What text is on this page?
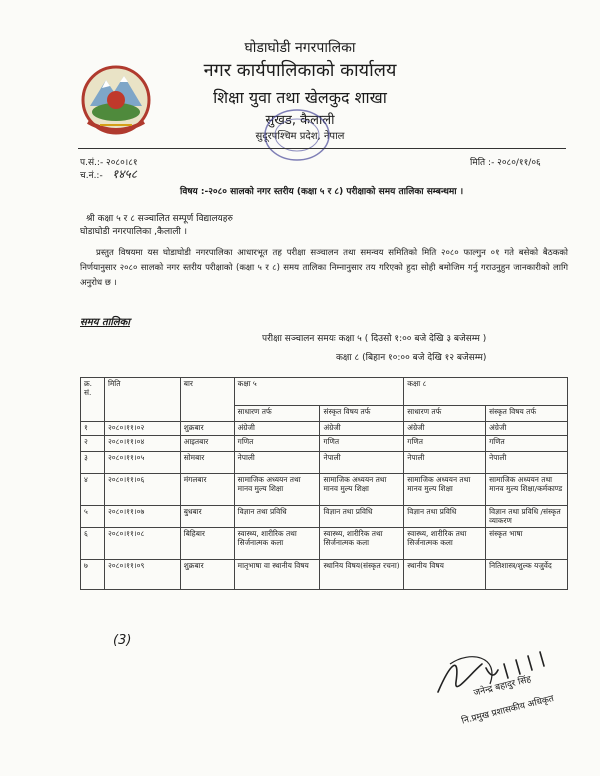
घोडाघोडी नगरपालिका
नगर कार्यपालिकाको कार्यालय
शिक्षा युवा तथा खेलकुद शाखा
सुखड, कैलाली
सुदूरपश्चिम प्रदेश, नेपाल
प.सं.:- २०८०।८१
च.नं.:- १४५८
मिति :- २०८०/११/०६
विषय :-२०८० सालको नगर स्तरीय (कक्षा ५ र ८) परीक्षाको समय तालिका सम्बन्धमा ।
श्री कक्षा ५ र ८ सञ्चालित सम्पूर्ण विद्यालयहरु
घोडाघोडी नगरपालिका ,कैलाली ।
प्रस्तुत विषयमा यस घोडाघोडी नगरपालिका आधारभूत तह परीक्षा सञ्चालन तथा समन्वय समितिको मिति २०८० फाल्गुन ०१ गते बसेको बैठकको निर्णयानुसार २०८० सालको नगर स्तरीय परीक्षाको (कक्षा ५ र ८) समय तालिका निम्नानुसार तय गरिएको हुदा सोही बमोजिम गर्नु गराउनुहुन जानकारीको लागि अनुरोध छ ।
समय तालिका
परीक्षा सञ्चालन समयः कक्षा ५ ( दिउसो १:०० बजे देखि ३ बजेसम्म )
कक्षा ८ (बिहान १०:०० बजे देखि १२ बजेसम्म)
क्र. सं.	मिति	बार	कक्षा ५		कक्षा ८	
			साधारण तर्फ	संस्कृत विषय तर्फ	साधारण तर्फ	संस्कृत विषय तर्फ
१	२०८०।११।०२	शुक्रबार	अंग्रेजी	अंग्रेजी	अंग्रेजी	अंग्रेजी
२	२०८०।११।०४	आइतबार	गणित	गणित	गणित	गणित
३	२०८०।११।०५	सोमबार	नेपाली	नेपाली	नेपाली	नेपाली
४	२०८०।११।०६	मंगलबार	सामाजिक अध्ययन तथा मानव मुल्य शिक्षा	सामाजिक अध्ययन तथा मानव मुल्य शिक्षा	सामाजिक अध्ययन तथा मानव मुल्य शिक्षा	सामाजिक अध्ययन तथा मानव मुल्य शिक्षा/कर्मकाण्ड
५	२०८०।११।०७	बुधबार	विज्ञान तथा प्रविधि	विज्ञान तथा प्रविधि	विज्ञान तथा प्रविधि	विज्ञान तथा प्रविधि /संस्कृत व्याकरण
६	२०८०।११।०८	बिहिबार	स्वास्थ्य, शारीरिक तथा सिर्जनात्मक कला	स्वास्थ्य, शारीरिक तथा सिर्जनात्मक कला	स्वास्थ्य, शारीरिक तथा सिर्जनात्मक कला	संस्कृत भाषा
७	२०८०।११।०९	शुक्रबार	मातृभाषा वा स्थानीय विषय	स्थानिय विषय(संस्कृत रचना)	स्थानीय विषय	नितिशास्त्र/शुल्क यजुर्वेद
(3)
जनेन्द्र बहादुर सिंह
नि.प्रमुख प्रशासकीय अधिकृत
